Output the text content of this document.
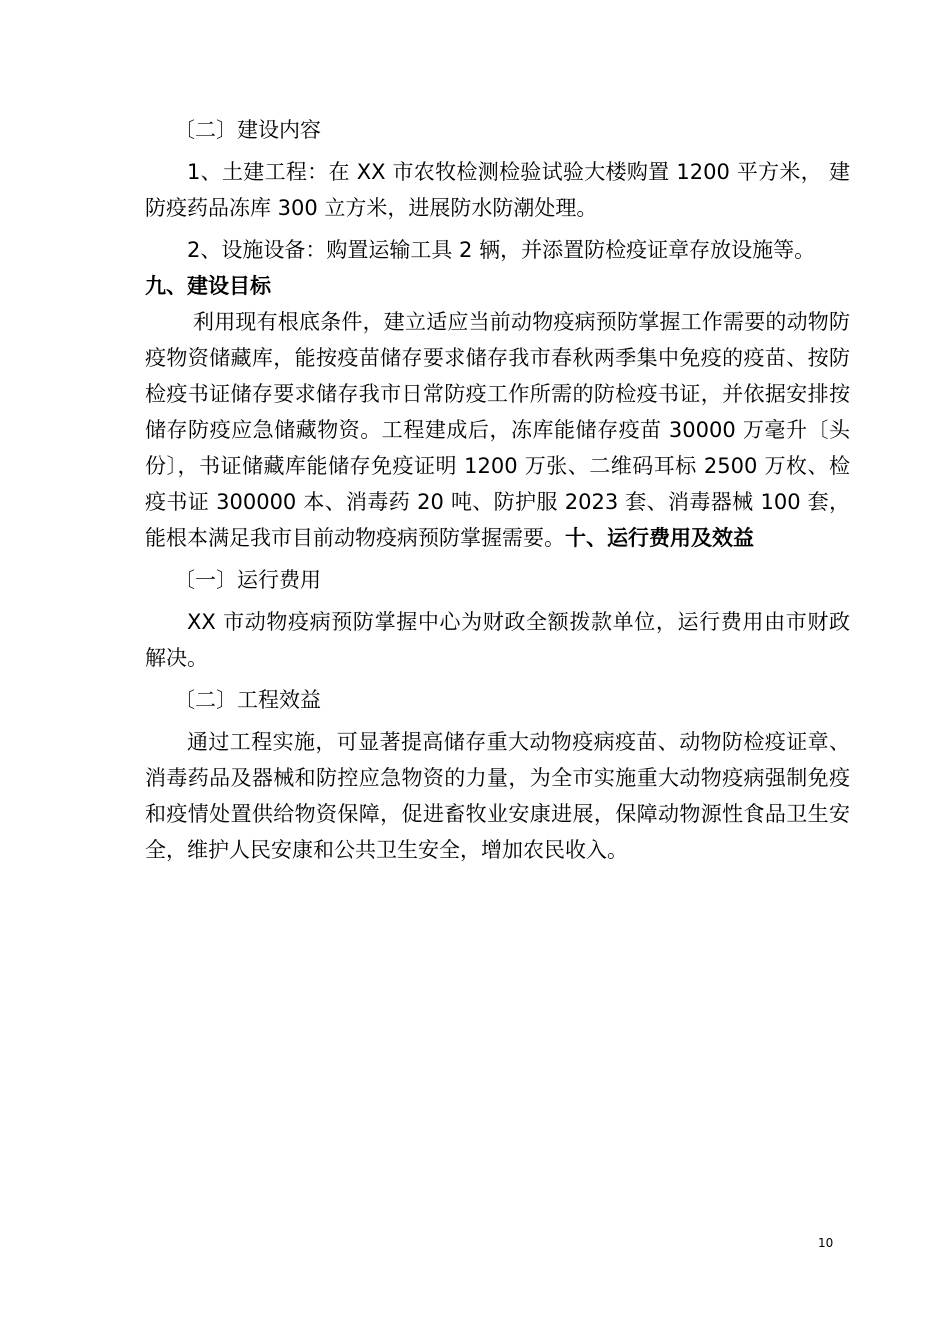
〔二〕建设内容

1、土建工程：在 XX 市农牧检测检验试验大楼购置 1200 平方米， 建防疫药品冻库 300 立方米，进展防水防潮处理。

2、设施设备：购置运输工具 2 辆，并添置防检疫证章存放设施等。

九、建设目标

利用现有根底条件，建立适应当前动物疫病预防掌握工作需要的动物防疫物资储藏库，能按疫苗储存要求储存我市春秋两季集中免疫的疫苗、按防检疫书证储存要求储存我市日常防疫工作所需的防检疫书证，并依据安排按储存防疫应急储藏物资。工程建成后，冻库能储存疫苗 30000 万毫升〔头份〕，书证储藏库能储存免疫证明 1200 万张、二维码耳标 2500 万枚、检疫书证 300000 本、消毒药 20 吨、防护服 2023 套、消毒器械 100 套，能根本满足我市目前动物疫病预防掌握需要。十、运行费用及效益

〔一〕运行费用

XX 市动物疫病预防掌握中心为财政全额拨款单位，运行费用由市财政解决。

〔二〕工程效益

通过工程实施，可显著提高储存重大动物疫病疫苗、动物防检疫证章、消毒药品及器械和防控应急物资的力量，为全市实施重大动物疫病强制免疫和疫情处置供给物资保障，促进畜牧业安康进展，保障动物源性食品卫生安全，维护人民安康和公共卫生安全，增加农民收入。

10
